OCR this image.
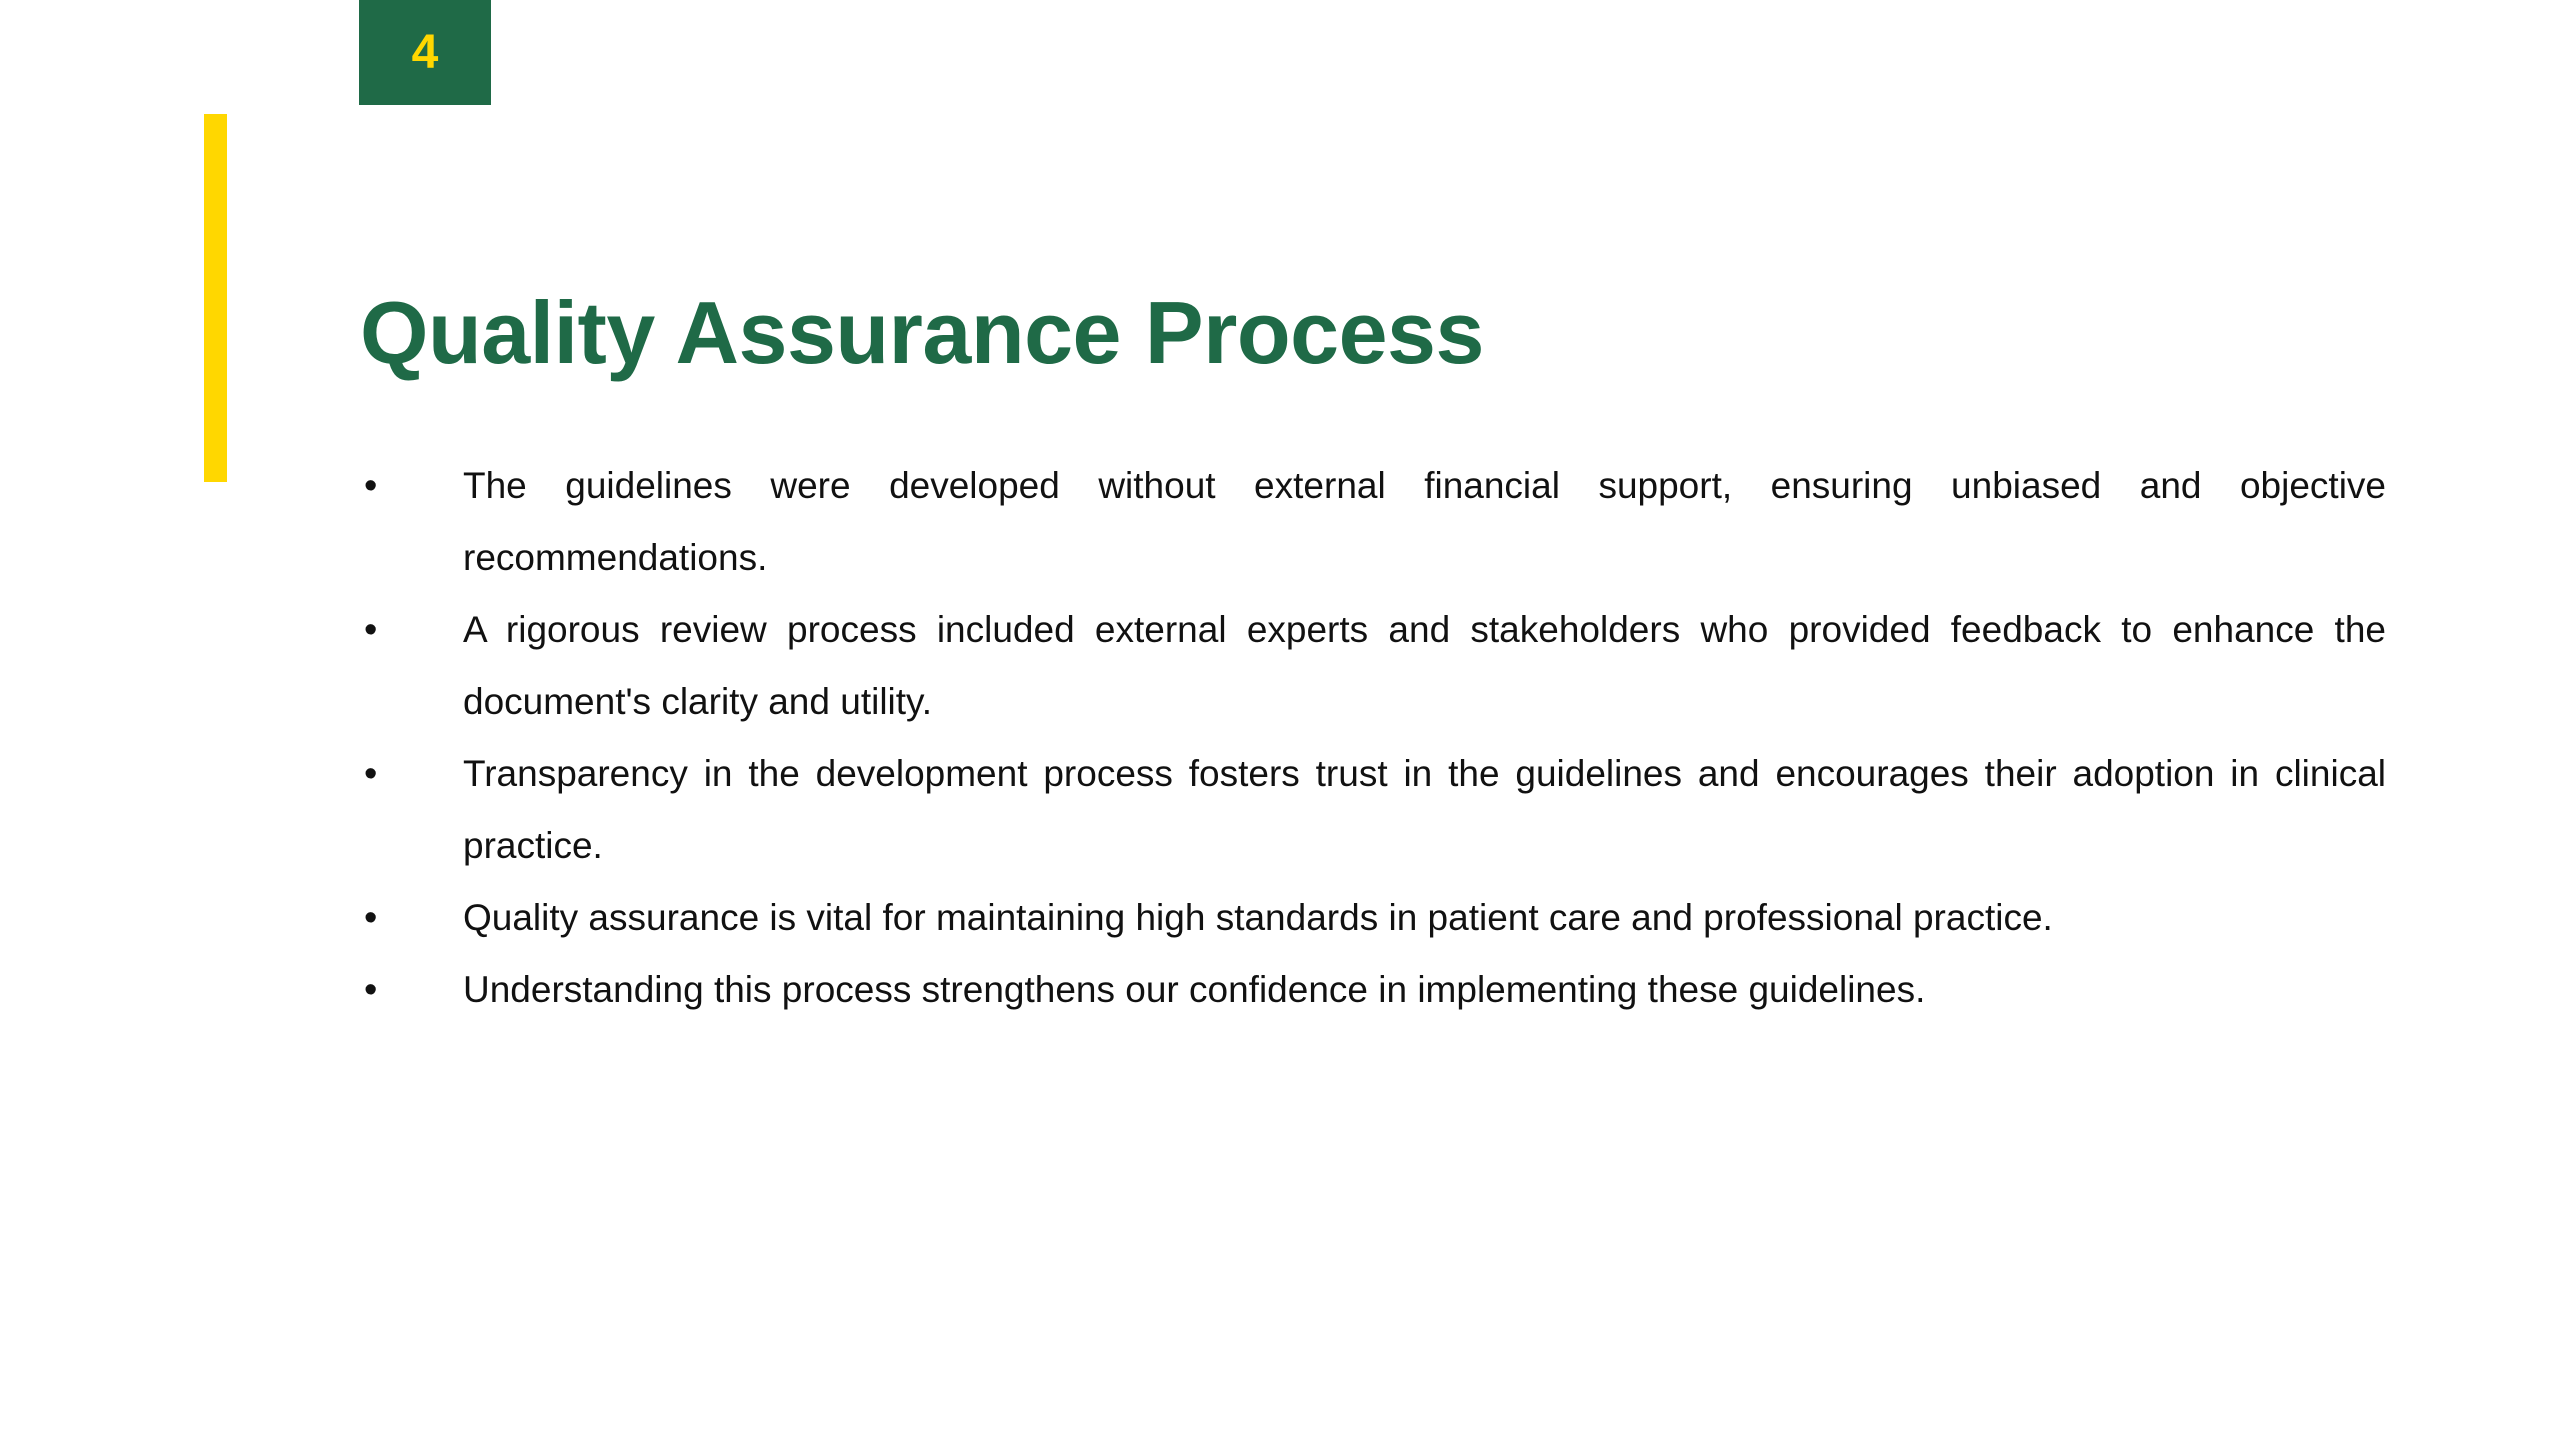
4
Quality Assurance Process
• The guidelines were developed without external financial support, ensuring unbiased and objective recommendations.
• A rigorous review process included external experts and stakeholders who provided feedback to enhance the document's clarity and utility.
• Transparency in the development process fosters trust in the guidelines and encourages their adoption in clinical practice.
• Quality assurance is vital for maintaining high standards in patient care and professional practice.
• Understanding this process strengthens our confidence in implementing these guidelines.
